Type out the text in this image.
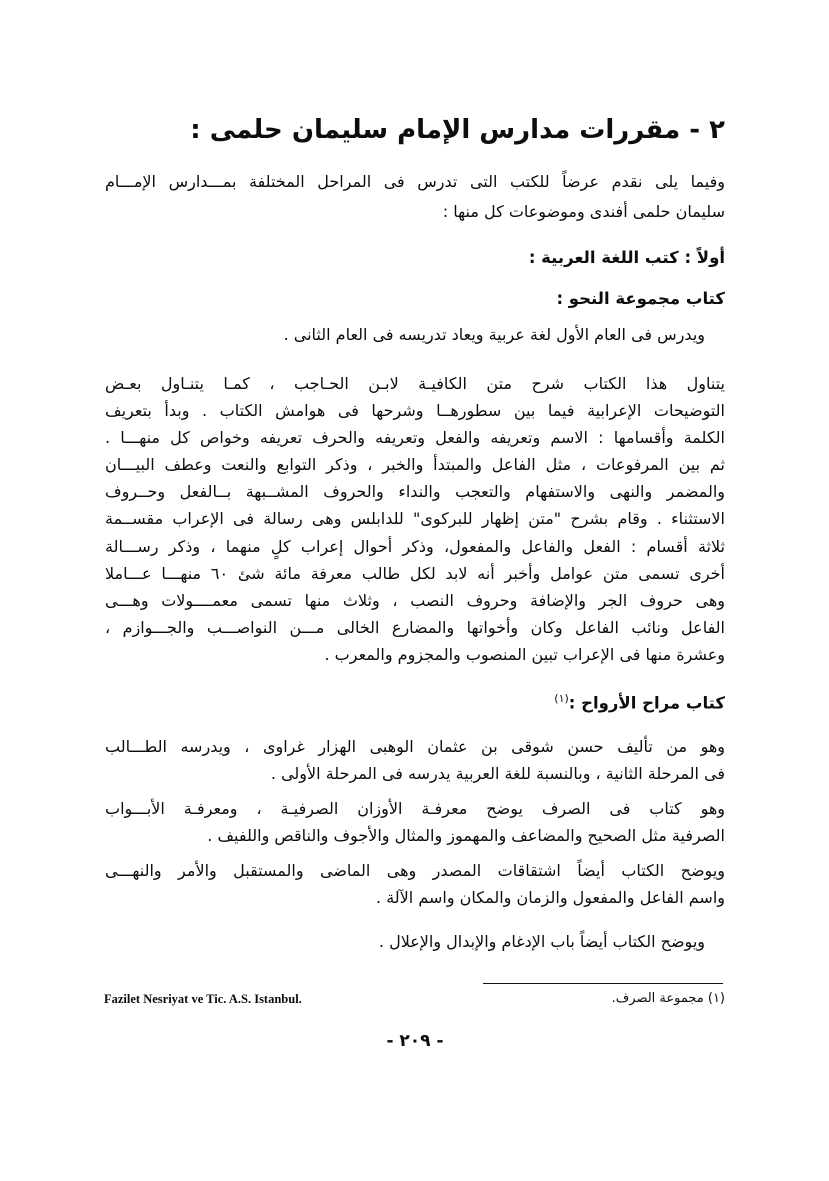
٢ - مقررات مدارس الإمام سليمان حلمى :
وفيما يلى نقدم عرضاً للكتب التى تدرس فى المراحل المختلفة بمـــدارس الإمـــام
سليمان حلمى أفندى وموضوعات كل منها :
أولاً : كتب اللغة العربية :
كتاب مجموعة النحو :
ويدرس فى العام الأول لغة عربية ويعاد تدريسه فى العام الثانى .
يتناول هذا الكتاب شرح متن الكافيـة لابـن الحـاجب ، كمـا يتنـاول بعـض
التوضيحات الإعرابية فيما بين سطورهــا وشرحها فى هوامش الكتاب . وبدأ بتعريف
الكلمة وأقسامها : الاسم وتعريفه والفعل وتعريفه والحرف تعريفه وخواص كل منهـــا .
ثم بين المرفوعات ، مثل الفاعل والمبتدأ والخبر ، وذكر التوابع والنعت وعطف البيـــان
والمضمر والنهى والاستفهام والتعجب والنداء والحروف المشــبهة بــالفعل وحــروف
الاستثناء . وقام بشرح "متن إظهار للبركوى" للدابلس وهى رسالة فى الإعراب مقســمة
ثلاثة أقسام : الفعل والفاعل والمفعول، وذكر أحوال إعراب كلٍ منهما ، وذكر رســـالة
أخرى تسمى متن عوامل وأخبر أنه لابد لكل طالب معرفة مائة شئ ٦٠ منهـــا عـــاملا
وهى حروف الجر والإضافة وحروف النصب ، وثلاث منها تسمى معمــــولات وهـــى
الفاعل ونائب الفاعل وكان وأخواتها والمضارع الخالى مـــن النواصـــب والجـــوازم ،
وعشرة منها فى الإعراب تبين المنصوب والمجزوم والمعرب .
كتاب مراح الأرواح :$^{(١)}$
وهو من تأليف حسن شوقى بن عثمان الوهبى الهزار غراوى ، ويدرسه الطـــالب
فى المرحلة الثانية ، وبالنسبة للغة العربية يدرسه فى المرحلة الأولى .
وهو كتاب فى الصرف يوضح معرفـة الأوزان الصرفيـة ، ومعرفـة الأبـــواب
الصرفية مثل الصحيح والمضاعف والمهموز والمثال والأجوف والناقص واللفيف .
ويوضح الكتاب أيضاً اشتقاقات المصدر وهى الماضى والمستقبل والأمر والنهـــى
واسم الفاعل والمفعول والزمان والمكان واسم الآلة .
ويوضح الكتاب أيضاً باب الإدغام والإبدال والإعلال .
(١) مجموعة الصرف.
Fazilet Nesriyat ve Tic. A.S. Istanbul.
- ٢٠٩ -
